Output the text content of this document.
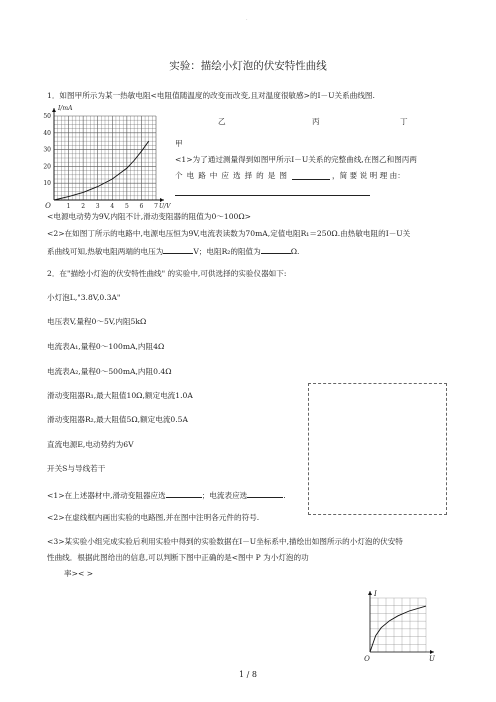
.
实验：描绘小灯泡的伏安特性曲线
1．如图甲所示为某一热敏电阻<电阻值随温度的改变而改变,且对温度很敏感>的I－U关系曲线图.
1 2 3 4 5 6 7
10
20
30
40
50
O
I/mA
U/V
乙	丙	丁
甲
<1>为了通过测量得到如图甲所示I－U关系的完整曲线,在图乙和图丙两
个 电 路 中 应 选 择 的 是 图	，简 要 说 明 理 由：
<电源电动势为9V,内阻不计,滑动变阻器的阻值为0～100Ω>
<2>在如图丁所示的电路中,电源电压恒为9V,电流表读数为70mA,定值电阻R₁＝250Ω.由热敏电阻的I－U关
系曲线可知,热敏电阻两端的电压为	V；电阻R₂的阻值为	Ω.
2．在"描绘小灯泡的伏安特性曲线" 的实验中,可供选择的实验仪器如下:
小灯泡L,"3.8V,0.3A"
电压表V,量程0～5V,内阻5kΩ
电流表A₁,量程0～100mA,内阻4Ω
电流表A₂,量程0～500mA,内阻0.4Ω
滑动变阻器R₁,最大阻值10Ω,额定电流1.0A
滑动变阻器R₂,最大阻值5Ω,额定电流0.5A
直流电源E,电动势约为6V
开关S与导线若干
<1>在上述器材中,滑动变阻器应选	；电流表应选	.
<2>在虚线框内画出实验的电路图,并在图中注明各元件的符号.
<3>某实验小组完成实验后利用实验中得到的实验数据在I－U坐标系中,描绘出如图所示的小灯泡的伏安特
性曲线．根据此图给出的信息,可以判断下图中正确的是<图中 P 为小灯泡的功
率>< >
I
U
O
1 / 8
